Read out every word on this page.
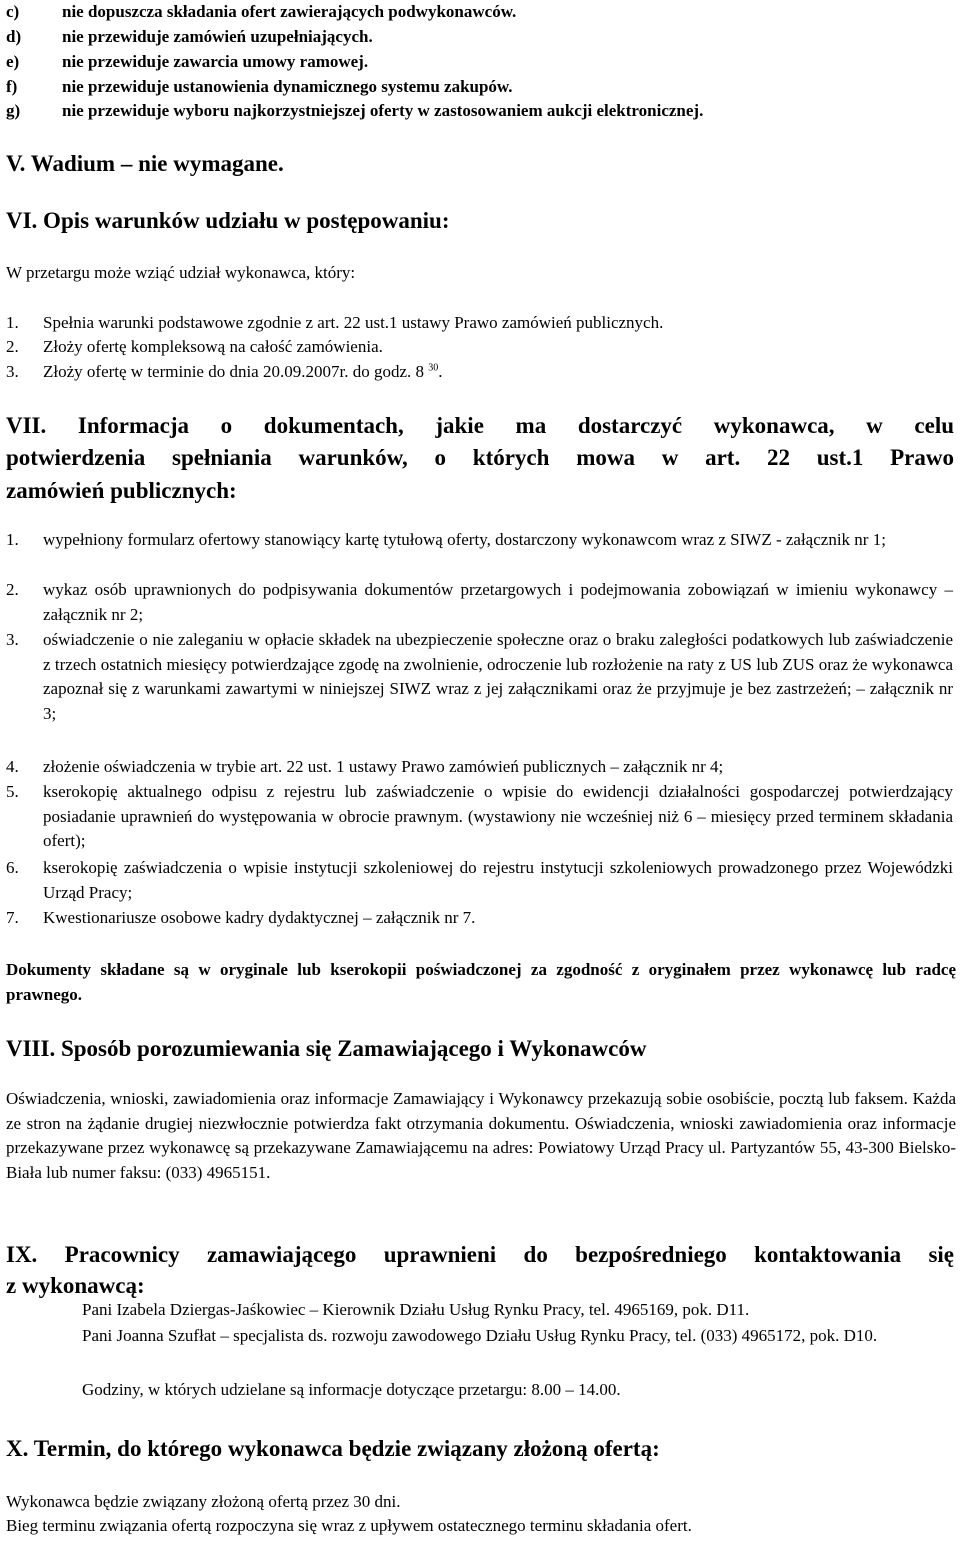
c)	nie dopuszcza składania ofert zawierających podwykonawców.
d) nie przewiduje zamówień uzupełniających.
e)	nie przewiduje zawarcia umowy ramowej.
f)	nie przewiduje ustanowienia dynamicznego systemu zakupów.
g) nie przewiduje wyboru najkorzystniejszej oferty w zastosowaniem aukcji elektronicznej.
V. Wadium – nie wymagane.
VI. Opis warunków udziału w postępowaniu:
W przetargu może wziąć udział wykonawca, który:
1. Spełnia warunki podstawowe zgodnie z art. 22 ust.1 ustawy Prawo zamówień publicznych.
2. Złoży ofertę kompleksową na całość zamówienia.
3. Złoży ofertę w terminie do dnia 20.09.2007r. do godz. 8 $^{30}$.
VII. Informacja o dokumentach, jakie ma dostarczyć wykonawca, w celu
potwierdzenia spełniania warunków, o których mowa w art. 22 ust.1 Prawo
zamówień publicznych:
1. wypełniony formularz ofertowy stanowiący kartę tytułową oferty, dostarczony wykonawcom wraz z SIWZ - załącznik nr 1;
2. wykaz osób uprawnionych do podpisywania dokumentów przetargowych i podejmowania zobowiązań w imieniu wykonawcy – załącznik nr 2;
3. oświadczenie o nie zaleganiu w opłacie składek na ubezpieczenie społeczne oraz o braku zaległości podatkowych lub zaświadczenie z trzech ostatnich miesięcy potwierdzające zgodę na zwolnienie, odroczenie lub rozłożenie na raty z US lub ZUS oraz że wykonawca zapoznał się z warunkami zawartymi w niniejszej SIWZ wraz z jej załącznikami oraz że przyjmuje je bez zastrzeżeń; – załącznik nr 3;
4. złożenie oświadczenia w trybie art. 22 ust. 1 ustawy Prawo zamówień publicznych – załącznik nr 4;
5. kserokopię aktualnego odpisu z rejestru lub zaświadczenie o wpisie do ewidencji działalności gospodarczej potwierdzający posiadanie uprawnień do występowania w obrocie prawnym. (wystawiony nie wcześniej niż 6 – miesięcy przed terminem składania ofert);
6. kserokopię zaświadczenia o wpisie instytucji szkoleniowej do rejestru instytucji szkoleniowych prowadzonego przez Wojewódzki Urząd Pracy;
7. Kwestionariusze osobowe kadry dydaktycznej – załącznik nr 7.
Dokumenty składane są w oryginale lub kserokopii poświadczonej za zgodność z oryginałem przez wykonawcę lub radcę prawnego.
VIII. Sposób porozumiewania się Zamawiającego i Wykonawców
Oświadczenia, wnioski, zawiadomienia oraz informacje Zamawiający i Wykonawcy przekazują sobie osobiście, pocztą lub faksem. Każda ze stron na żądanie drugiej niezwłocznie potwierdza fakt otrzymania dokumentu. Oświadczenia, wnioski zawiadomienia oraz informacje przekazywane przez wykonawcę są przekazywane Zamawiającemu na adres: Powiatowy Urząd Pracy ul. Partyzantów 55, 43-300 Bielsko-Biała lub numer faksu: (033) 4965151.
IX. Pracownicy zamawiającego uprawnieni do bezpośredniego kontaktowania się
z wykonawcą:
Pani Izabela Dziergas-Jaśkowiec – Kierownik Działu Usług Rynku Pracy, tel. 4965169, pok. D11.
Pani Joanna Szufłat – specjalista ds. rozwoju zawodowego Działu Usług Rynku Pracy, tel. (033) 4965172, pok. D10.
Godziny, w których udzielane są informacje dotyczące przetargu: 8.00 – 14.00.
X. Termin, do którego wykonawca będzie związany złożoną ofertą:
Wykonawca będzie związany złożoną ofertą przez 30 dni.
Bieg terminu związania ofertą rozpoczyna się wraz z upływem ostatecznego terminu składania ofert.
